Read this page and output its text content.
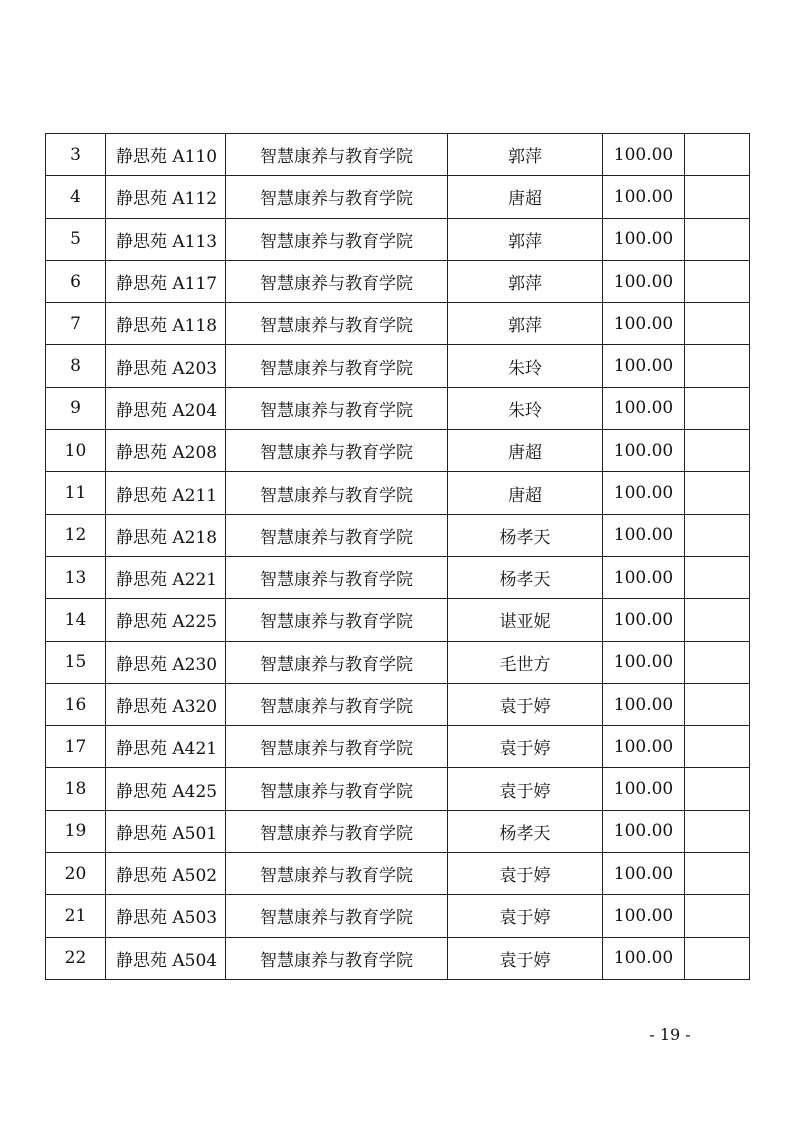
3	静思苑 A110	智慧康养与教育学院	郭萍	100.00	
4	静思苑 A112	智慧康养与教育学院	唐超	100.00	
5	静思苑 A113	智慧康养与教育学院	郭萍	100.00	
6	静思苑 A117	智慧康养与教育学院	郭萍	100.00	
7	静思苑 A118	智慧康养与教育学院	郭萍	100.00	
8	静思苑 A203	智慧康养与教育学院	朱玲	100.00	
9	静思苑 A204	智慧康养与教育学院	朱玲	100.00	
10	静思苑 A208	智慧康养与教育学院	唐超	100.00	
11	静思苑 A211	智慧康养与教育学院	唐超	100.00	
12	静思苑 A218	智慧康养与教育学院	杨孝天	100.00	
13	静思苑 A221	智慧康养与教育学院	杨孝天	100.00	
14	静思苑 A225	智慧康养与教育学院	谌亚妮	100.00	
15	静思苑 A230	智慧康养与教育学院	毛世方	100.00	
16	静思苑 A320	智慧康养与教育学院	袁于婷	100.00	
17	静思苑 A421	智慧康养与教育学院	袁于婷	100.00	
18	静思苑 A425	智慧康养与教育学院	袁于婷	100.00	
19	静思苑 A501	智慧康养与教育学院	杨孝天	100.00	
20	静思苑 A502	智慧康养与教育学院	袁于婷	100.00	
21	静思苑 A503	智慧康养与教育学院	袁于婷	100.00	
22	静思苑 A504	智慧康养与教育学院	袁于婷	100.00	
- 19 -
